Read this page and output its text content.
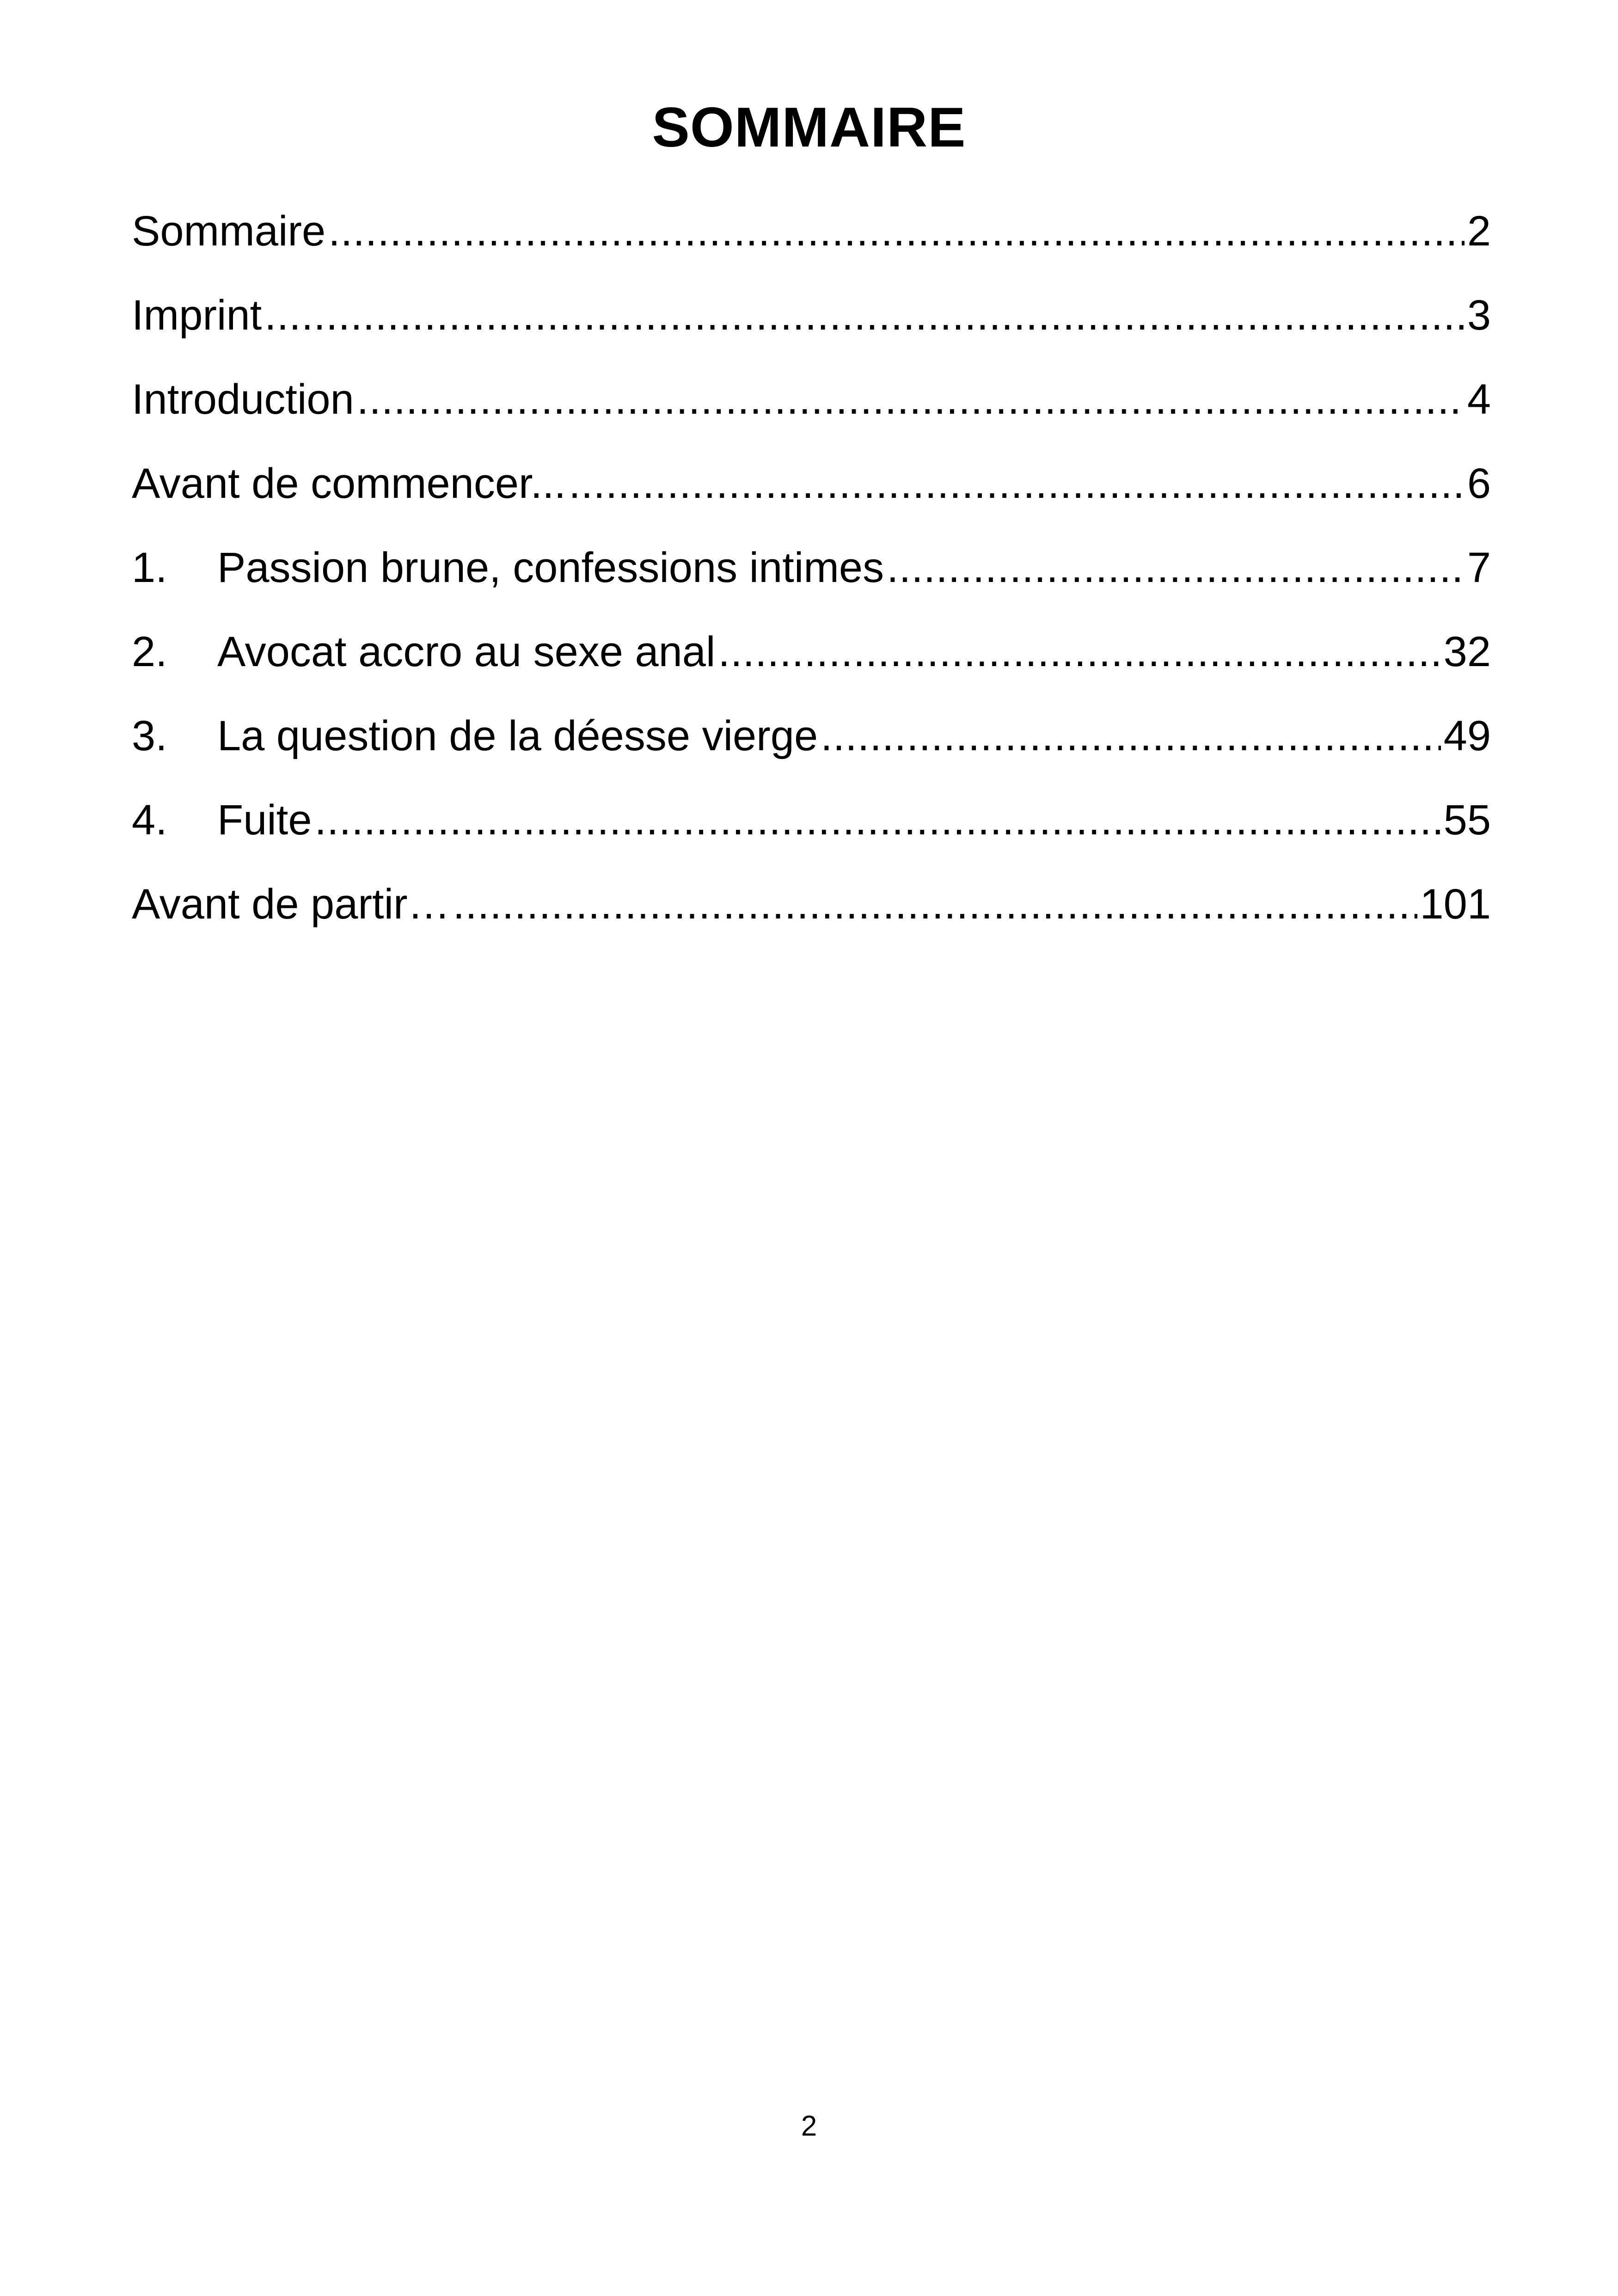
SOMMAIRE
Sommaire .....	2
Imprint .....	3
Introduction .....	4
Avant de commencer... .....	6
1.	Passion brune, confessions intimes .....	7
2.	Avocat accro au sexe anal .....	32
3.	La question de la déesse vierge .....	49
4.	Fuite .....	55
Avant de partir… .....	101
2
